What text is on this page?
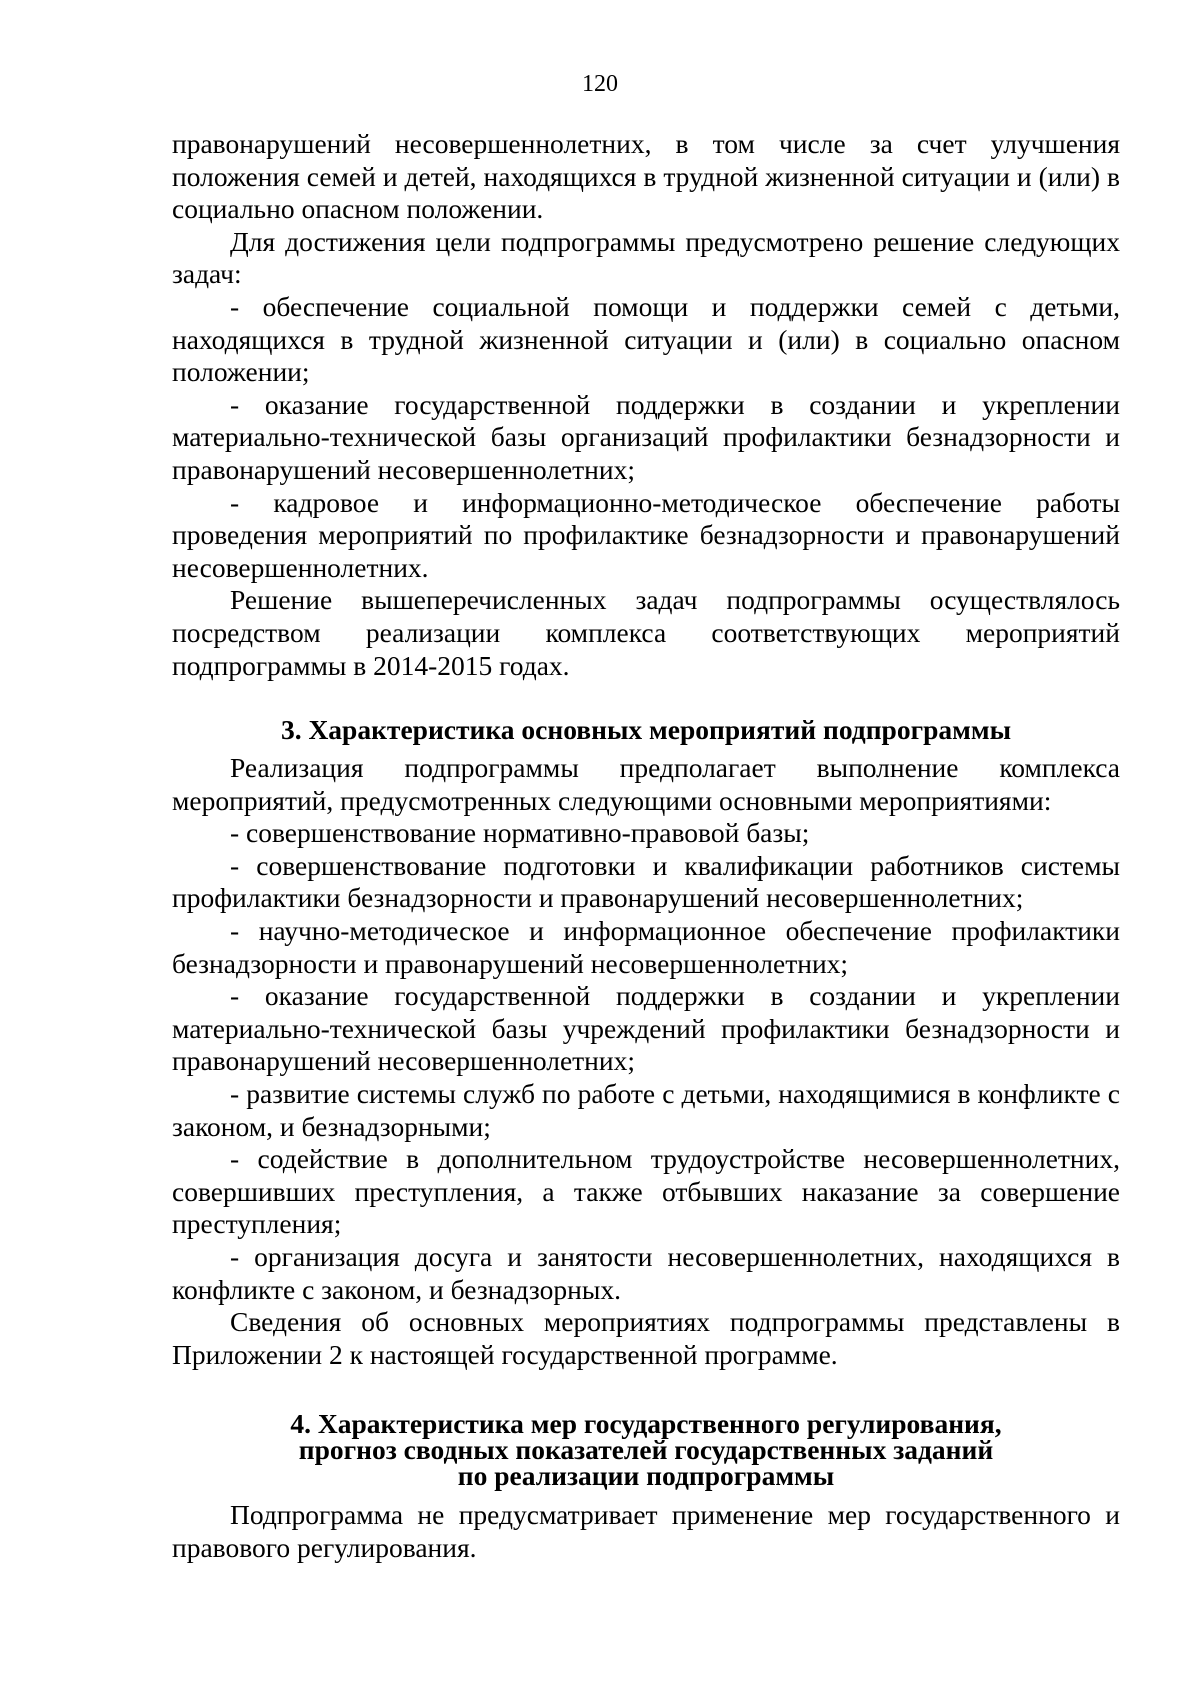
120

правонарушений несовершеннолетних, в том числе за счет улучшения положения семей и детей, находящихся в трудной жизненной ситуации и (или) в социально опасном положении.

Для достижения цели подпрограммы предусмотрено решение следующих задач:

- обеспечение социальной помощи и поддержки семей с детьми, находящихся в трудной жизненной ситуации и (или) в социально опасном положении;

- оказание государственной поддержки в создании и укреплении материально-технической базы организаций профилактики безнадзорности и правонарушений несовершеннолетних;

- кадровое и информационно-методическое обеспечение работы проведения мероприятий по профилактике безнадзорности и правонарушений несовершеннолетних.

Решение вышеперечисленных задач подпрограммы осуществлялось посредством реализации комплекса соответствующих мероприятий подпрограммы в 2014-2015 годах.

3. Характеристика основных мероприятий подпрограммы

Реализация подпрограммы предполагает выполнение комплекса мероприятий, предусмотренных следующими основными мероприятиями:

- совершенствование нормативно-правовой базы;

- совершенствование подготовки и квалификации работников системы профилактики безнадзорности и правонарушений несовершеннолетних;

- научно-методическое и информационное обеспечение профилактики безнадзорности и правонарушений несовершеннолетних;

- оказание государственной поддержки в создании и укреплении материально-технической базы учреждений профилактики безнадзорности и правонарушений несовершеннолетних;

- развитие системы служб по работе с детьми, находящимися в конфликте с законом, и безнадзорными;

- содействие в дополнительном трудоустройстве несовершеннолетних, совершивших преступления, а также отбывших наказание за совершение преступления;

- организация досуга и занятости несовершеннолетних, находящихся в конфликте с законом, и безнадзорных.

Сведения об основных мероприятиях подпрограммы представлены в Приложении 2 к настоящей государственной программе.

4. Характеристика мер государственного регулирования,
прогноз сводных показателей государственных заданий
по реализации подпрограммы

Подпрограмма не предусматривает применение мер государственного и правового регулирования.
